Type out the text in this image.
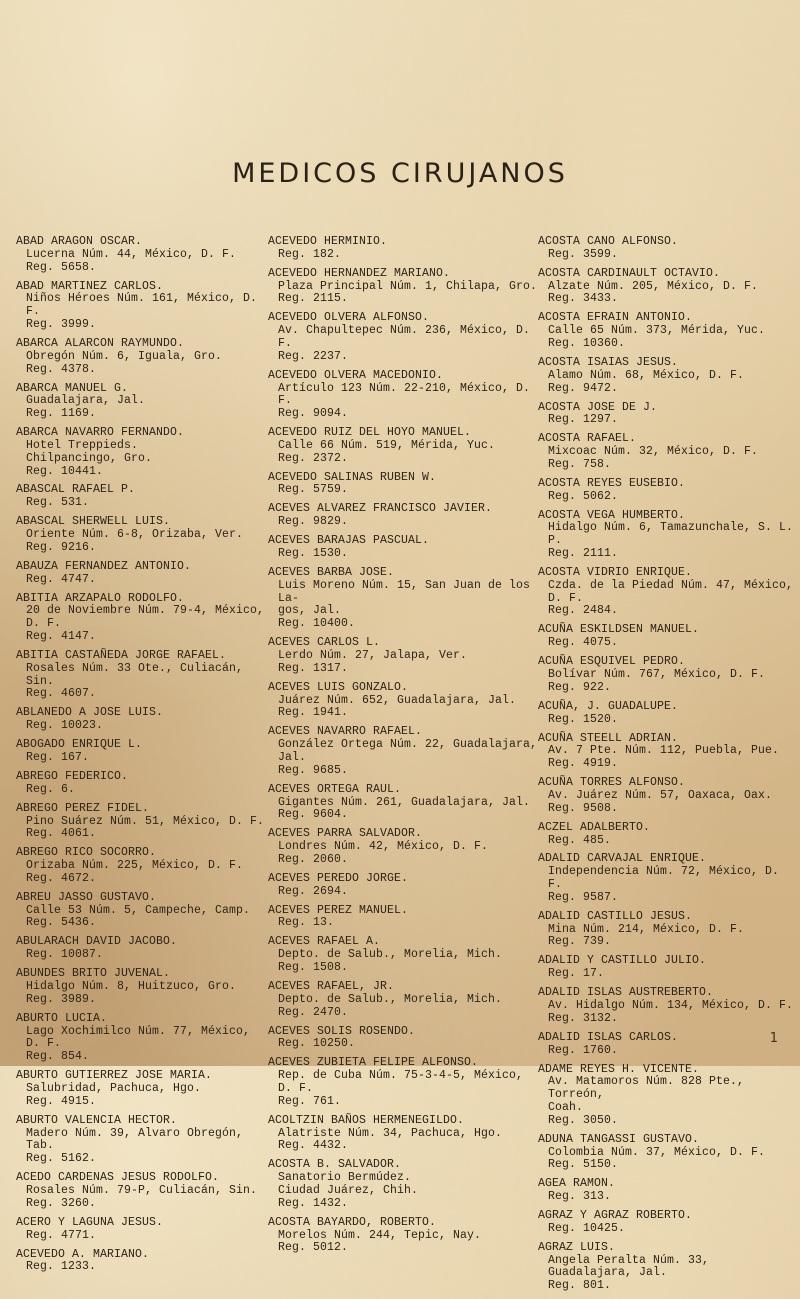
MEDICOS CIRUJANOS
ABAD ARAGON OSCAR.
Lucerna Núm. 44, México, D. F.
Reg. 5658.
ABAD MARTINEZ CARLOS.
Niños Héroes Núm. 161, México, D. F.
Reg. 3999.
ABARCA ALARCON RAYMUNDO.
Obregón Núm. 6, Iguala, Gro.
Reg. 4378.
ABARCA MANUEL G.
Guadalajara, Jal.
Reg. 1169.
ABARCA NAVARRO FERNANDO.
Hotel Treppieds.
Chilpancingo, Gro.
Reg. 10441.
ABASCAL RAFAEL P.
Reg. 531.
ABASCAL SHERWELL LUIS.
Oriente Núm. 6-8, Orizaba, Ver.
Reg. 9216.
ABAUZA FERNANDEZ ANTONIO.
Reg. 4747.
ABITIA ARZAPALO RODOLFO.
20 de Noviembre Núm. 79-4, México, D. F.
Reg. 4147.
ABITIA CASTAÑEDA JORGE RAFAEL.
Rosales Núm. 33 Ote., Culiacán, Sin.
Reg. 4607.
ABLANEDO A JOSE LUIS.
Reg. 10023.
ABOGADO ENRIQUE L.
Reg. 167.
ABREGO FEDERICO.
Reg. 6.
ABREGO PEREZ FIDEL.
Pino Suárez Núm. 51, México, D. F.
Reg. 4061.
ABREGO RICO SOCORRO.
Orizaba Núm. 225, México, D. F.
Reg. 4672.
ABREU JASSO GUSTAVO.
Calle 53 Núm. 5, Campeche, Camp.
Reg. 5436.
ABULARACH DAVID JACOBO.
Reg. 10087.
ABUNDES BRITO JUVENAL.
Hidalgo Núm. 8, Huitzuco, Gro.
Reg. 3989.
ABURTO LUCIA.
Lago Xochimilco Núm. 77, México, D. F.
Reg. 854.
ABURTO GUTIERREZ JOSE MARIA.
Salubridad, Pachuca, Hgo.
Reg. 4915.
ABURTO VALENCIA HECTOR.
Madero Núm. 39, Alvaro Obregón, Tab.
Reg. 5162.
ACEDO CARDENAS JESUS RODOLFO.
Rosales Núm. 79-P, Culiacán, Sin.
Reg. 3260.
ACERO Y LAGUNA JESUS.
Reg. 4771.
ACEVEDO A. MARIANO.
Reg. 1233.
ACEVEDO HERMINIO.
Reg. 182.
ACEVEDO HERNANDEZ MARIANO.
Plaza Principal Núm. 1, Chilapa, Gro.
Reg. 2115.
ACEVEDO OLVERA ALFONSO.
Av. Chapultepec Núm. 236, México, D. F.
Reg. 2237.
ACEVEDO OLVERA MACEDONIO.
Artículo 123 Núm. 22-210, México, D. F.
Reg. 9094.
ACEVEDO RUIZ DEL HOYO MANUEL.
Calle 66 Núm. 519, Mérida, Yuc.
Reg. 2372.
ACEVEDO SALINAS RUBEN W.
Reg. 5759.
ACEVES ALVAREZ FRANCISCO JAVIER.
Reg. 9829.
ACEVES BARAJAS PASCUAL.
Reg. 1530.
ACEVES BARBA JOSE.
Luis Moreno Núm. 15, San Juan de los La-
gos, Jal.
Reg. 10400.
ACEVES CARLOS L.
Lerdo Núm. 27, Jalapa, Ver.
Reg. 1317.
ACEVES LUIS GONZALO.
Juárez Núm. 652, Guadalajara, Jal.
Reg. 1941.
ACEVES NAVARRO RAFAEL.
González Ortega Núm. 22, Guadalajara, Jal.
Reg. 9685.
ACEVES ORTEGA RAUL.
Gigantes Núm. 261, Guadalajara, Jal.
Reg. 9604.
ACEVES PARRA SALVADOR.
Londres Núm. 42, México, D. F.
Reg. 2060.
ACEVES PEREDO JORGE.
Reg. 2694.
ACEVES PEREZ MANUEL.
Reg. 13.
ACEVES RAFAEL A.
Depto. de Salub., Morelia, Mich.
Reg. 1508.
ACEVES RAFAEL, JR.
Depto. de Salub., Morelia, Mich.
Reg. 2470.
ACEVES SOLIS ROSENDO.
Reg. 10250.
ACEVES ZUBIETA FELIPE ALFONSO.
Rep. de Cuba Núm. 75-3-4-5, México, D. F.
Reg. 761.
ACOLTZIN BAÑOS HERMENEGILDO.
Alatriste Núm. 34, Pachuca, Hgo.
Reg. 4432.
ACOSTA B. SALVADOR.
Sanatorio Bermúdez.
Ciudad Juárez, Chih.
Reg. 1432.
ACOSTA BAYARDO, ROBERTO.
Morelos Núm. 244, Tepic, Nay.
Reg. 5012.
ACOSTA CANO ALFONSO.
Reg. 3599.
ACOSTA CARDINAULT OCTAVIO.
Alzate Núm. 205, México, D. F.
Reg. 3433.
ACOSTA EFRAIN ANTONIO.
Calle 65 Núm. 373, Mérida, Yuc.
Reg. 10360.
ACOSTA ISAIAS JESUS.
Alamo Núm. 68, México, D. F.
Reg. 9472.
ACOSTA JOSE DE J.
Reg. 1297.
ACOSTA RAFAEL.
Mixcoac Núm. 32, México, D. F.
Reg. 758.
ACOSTA REYES EUSEBIO.
Reg. 5062.
ACOSTA VEGA HUMBERTO.
Hidalgo Núm. 6, Tamazunchale, S. L. P.
Reg. 2111.
ACOSTA VIDRIO ENRIQUE.
Czda. de la Piedad Núm. 47, México, D. F.
Reg. 2484.
ACUÑA ESKILDSEN MANUEL.
Reg. 4075.
ACUÑA ESQUIVEL PEDRO.
Bolívar Núm. 767, México, D. F.
Reg. 922.
ACUÑA, J. GUADALUPE.
Reg. 1520.
ACUÑA STEELL ADRIAN.
Av. 7 Pte. Núm. 112, Puebla, Pue.
Reg. 4919.
ACUÑA TORRES ALFONSO.
Av. Juárez Núm. 57, Oaxaca, Oax.
Reg. 9508.
ACZEL ADALBERTO.
Reg. 485.
ADALID CARVAJAL ENRIQUE.
Independencia Núm. 72, México, D. F.
Reg. 9587.
ADALID CASTILLO JESUS.
Mina Núm. 214, México, D. F.
Reg. 739.
ADALID Y CASTILLO JULIO.
Reg. 17.
ADALID ISLAS AUSTREBERTO.
Av. Hidalgo Núm. 134, México, D. F.
Reg. 3132.
ADALID ISLAS CARLOS.
Reg. 1760.
ADAME REYES H. VICENTE.
Av. Matamoros Núm. 828 Pte., Torreón,
Coah.
Reg. 3050.
ADUNA TANGASSI GUSTAVO.
Colombia Núm. 37, México, D. F.
Reg. 5150.
AGEA RAMON.
Reg. 313.
AGRAZ Y AGRAZ ROBERTO.
Reg. 10425.
AGRAZ LUIS.
Angela Peralta Núm. 33, Guadalajara, Jal.
Reg. 801.
1
